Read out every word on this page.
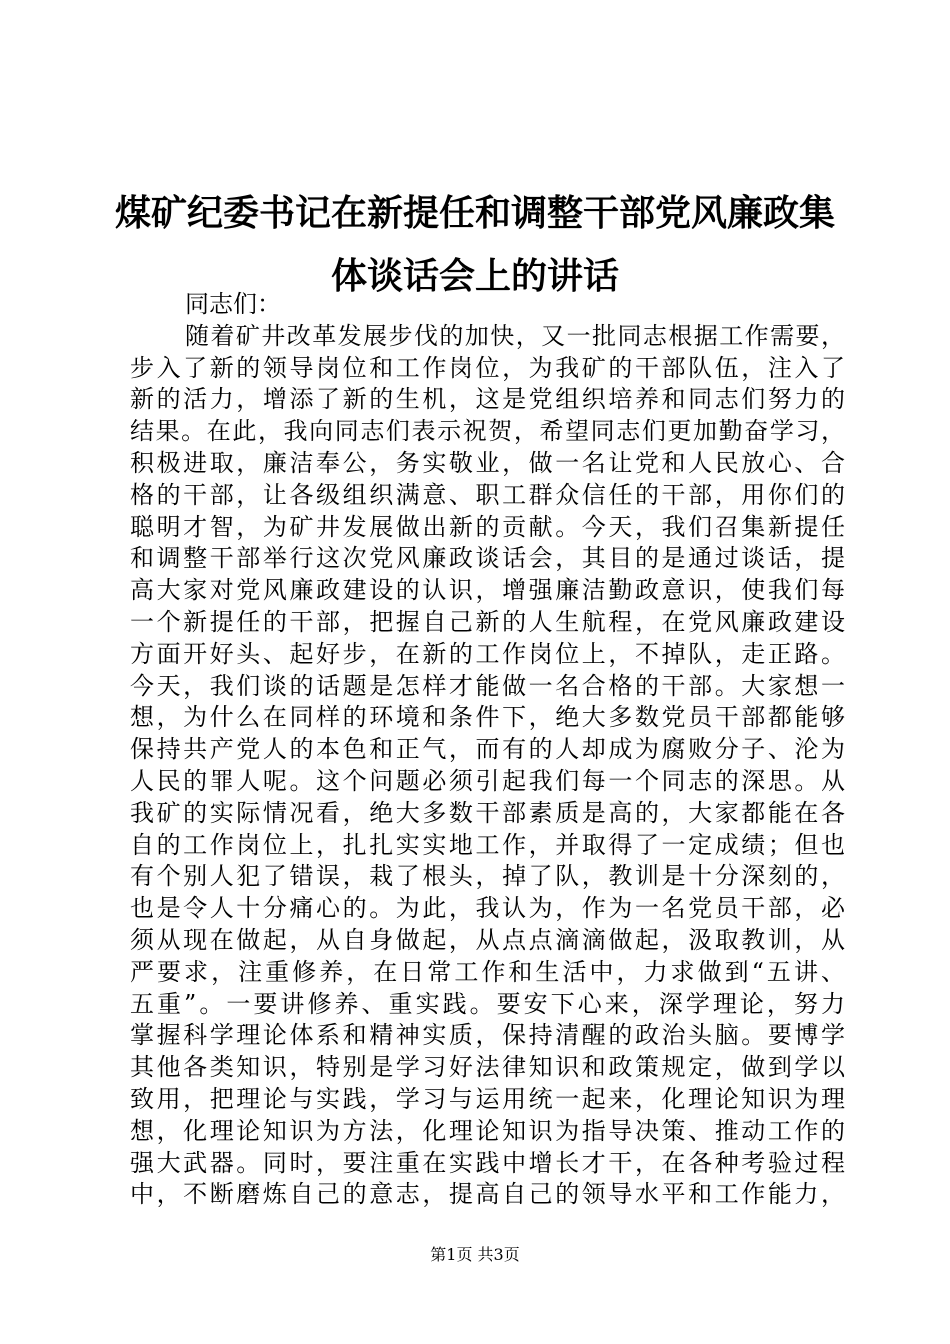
煤矿纪委书记在新提任和调整干部党风廉政集
体谈话会上的讲话
同志们：
随着矿井改革发展步伐的加快，又一批同志根据工作需要，
步入了新的领导岗位和工作岗位，为我矿的干部队伍，注入了
新的活力，增添了新的生机，这是党组织培养和同志们努力的
结果。在此，我向同志们表示祝贺，希望同志们更加勤奋学习，
积极进取，廉洁奉公，务实敬业，做一名让党和人民放心、合
格的干部，让各级组织满意、职工群众信任的干部，用你们的
聪明才智，为矿井发展做出新的贡献。今天，我们召集新提任
和调整干部举行这次党风廉政谈话会，其目的是通过谈话，提
高大家对党风廉政建设的认识，增强廉洁勤政意识，使我们每
一个新提任的干部，把握自己新的人生航程，在党风廉政建设
方面开好头、起好步，在新的工作岗位上，不掉队，走正路。
今天，我们谈的话题是怎样才能做一名合格的干部。大家想一
想，为什么在同样的环境和条件下，绝大多数党员干部都能够
保持共产党人的本色和正气，而有的人却成为腐败分子、沦为
人民的罪人呢。这个问题必须引起我们每一个同志的深思。从
我矿的实际情况看，绝大多数干部素质是高的，大家都能在各
自的工作岗位上，扎扎实实地工作，并取得了一定成绩；但也
有个别人犯了错误，栽了根头，掉了队，教训是十分深刻的，
也是令人十分痛心的。为此，我认为，作为一名党员干部，必
须从现在做起，从自身做起，从点点滴滴做起，汲取教训，从
严要求，注重修养，在日常工作和生活中，力求做到“五讲、
五重”。一要讲修养、重实践。要安下心来，深学理论，努力
掌握科学理论体系和精神实质，保持清醒的政治头脑。要博学
其他各类知识，特别是学习好法律知识和政策规定，做到学以
致用，把理论与实践，学习与运用统一起来，化理论知识为理
想，化理论知识为方法，化理论知识为指导决策、推动工作的
强大武器。同时，要注重在实践中增长才干，在各种考验过程
中，不断磨炼自己的意志，提高自己的领导水平和工作能力，
第1页 共3页
